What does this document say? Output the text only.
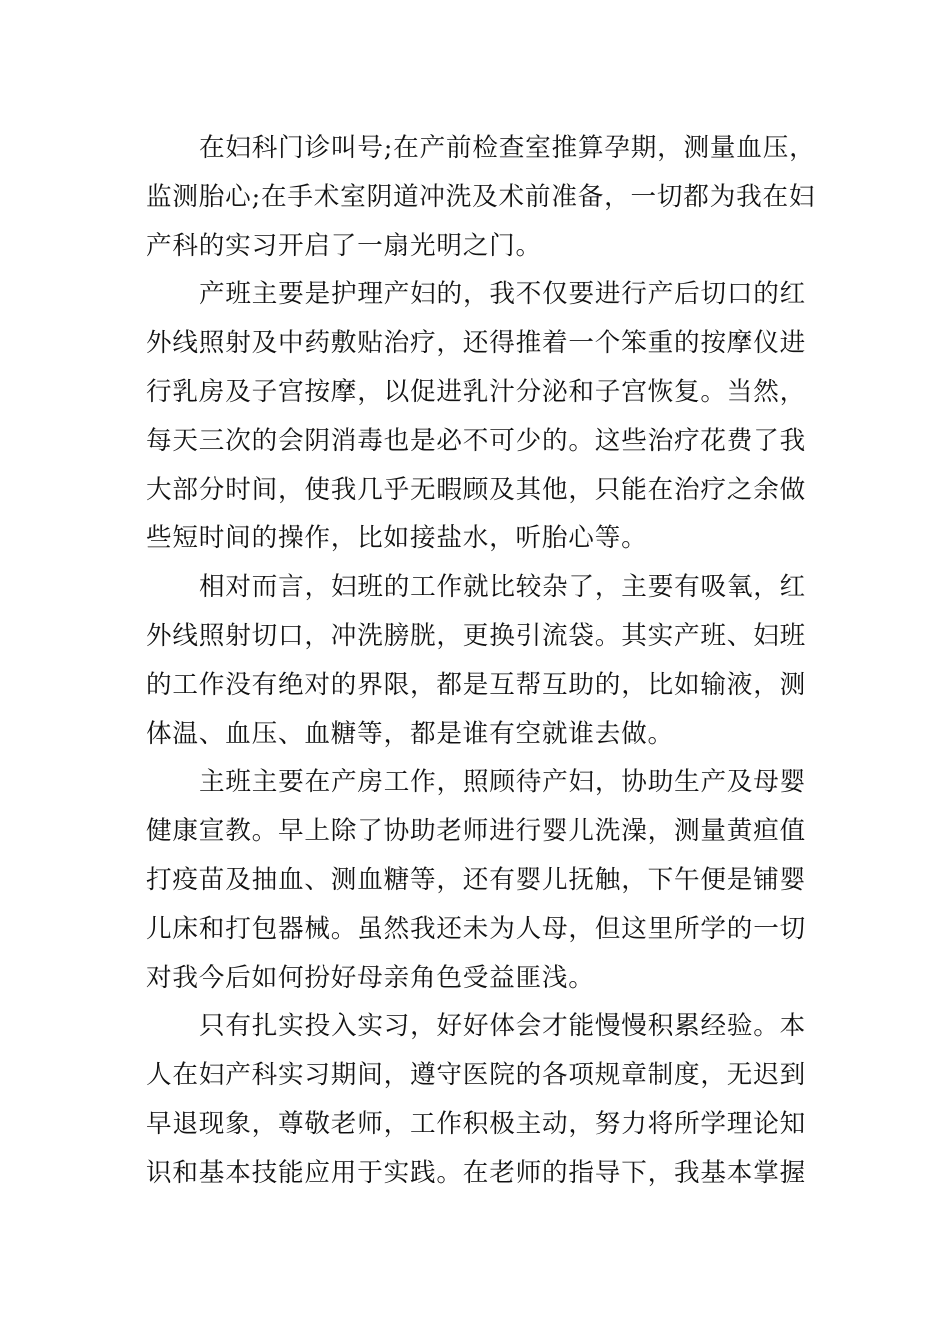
在妇科门诊叫号;在产前检查室推算孕期，测量血压，
监测胎心;在手术室阴道冲洗及术前准备，一切都为我在妇
产科的实习开启了一扇光明之门。
产班主要是护理产妇的，我不仅要进行产后切口的红
外线照射及中药敷贴治疗，还得推着一个笨重的按摩仪进
行乳房及子宫按摩，以促进乳汁分泌和子宫恢复。当然，
每天三次的会阴消毒也是必不可少的。这些治疗花费了我
大部分时间，使我几乎无暇顾及其他，只能在治疗之余做
些短时间的操作，比如接盐水，听胎心等。
相对而言，妇班的工作就比较杂了，主要有吸氧，红
外线照射切口，冲洗膀胱，更换引流袋。其实产班、妇班
的工作没有绝对的界限，都是互帮互助的，比如输液，测
体温、血压、血糖等，都是谁有空就谁去做。
主班主要在产房工作，照顾待产妇，协助生产及母婴
健康宣教。早上除了协助老师进行婴儿洗澡，测量黄疸值
打疫苗及抽血、测血糖等，还有婴儿抚触，下午便是铺婴
儿床和打包器械。虽然我还未为人母，但这里所学的一切
对我今后如何扮好母亲角色受益匪浅。
只有扎实投入实习，好好体会才能慢慢积累经验。本
人在妇产科实习期间，遵守医院的各项规章制度，无迟到
早退现象，尊敬老师，工作积极主动，努力将所学理论知
识和基本技能应用于实践。在老师的指导下，我基本掌握
